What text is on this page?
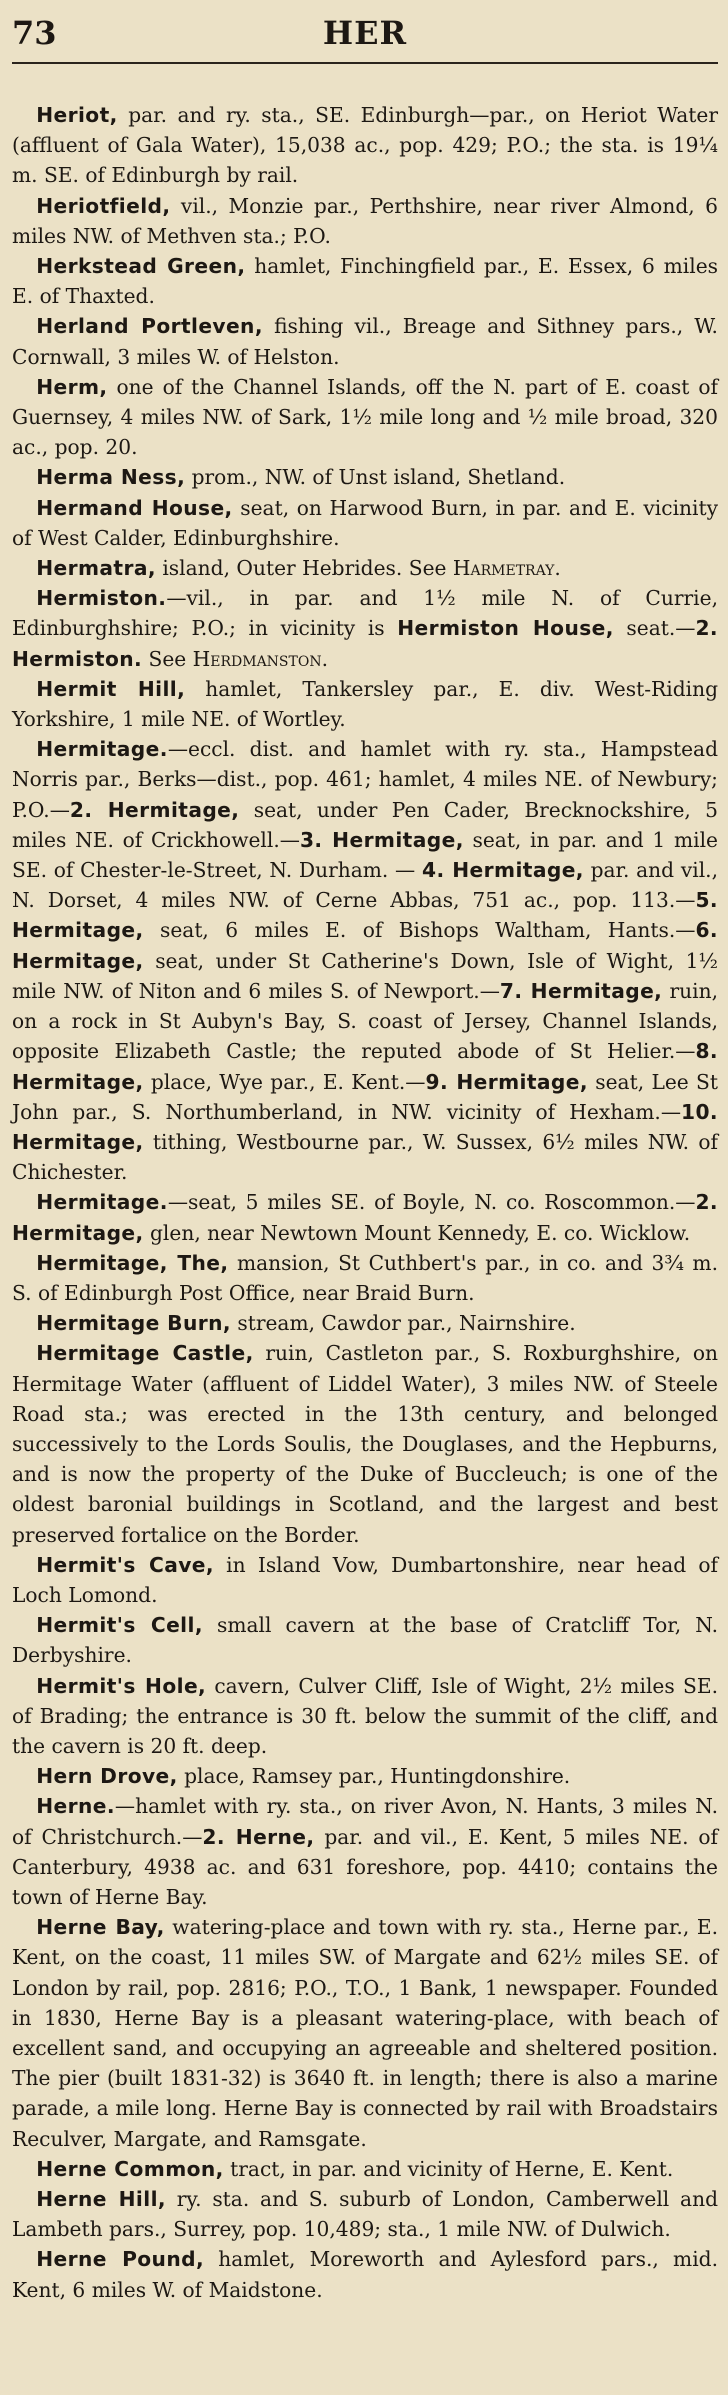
73	HER

Heriot, par. and ry. sta., SE. Edinburgh—par., on Heriot Water (affluent of Gala Water), 15,038 ac., pop. 429; P.O.; the sta. is 19¼ m. SE. of Edinburgh by rail.

Heriotfield, vil., Monzie par., Perthshire, near river Almond, 6 miles NW. of Methven sta.; P.O.

Herkstead Green, hamlet, Finchingfield par., E. Essex, 6 miles E. of Thaxted.

Herland Portleven, fishing vil., Breage and Sithney pars., W. Cornwall, 3 miles W. of Helston.

Herm, one of the Channel Islands, off the N. part of E. coast of Guernsey, 4 miles NW. of Sark, 1½ mile long and ½ mile broad, 320 ac., pop. 20.

Herma Ness, prom., NW. of Unst island, Shetland.

Hermand House, seat, on Harwood Burn, in par. and E. vicinity of West Calder, Edinburghshire.

Hermatra, island, Outer Hebrides. See Harmetray.

Hermiston.—vil., in par. and 1½ mile N. of Currie, Edinburghshire; P.O.; in vicinity is Hermiston House, seat.—2. Hermiston. See Herdmanston.

Hermit Hill, hamlet, Tankersley par., E. div. West-Riding Yorkshire, 1 mile NE. of Wortley.

Hermitage.—eccl. dist. and hamlet with ry. sta., Hampstead Norris par., Berks—dist., pop. 461; hamlet, 4 miles NE. of Newbury; P.O.—2. Hermitage, seat, under Pen Cader, Brecknockshire, 5 miles NE. of Crickhowell.—3. Hermitage, seat, in par. and 1 mile SE. of Chester-le-Street, N. Durham. — 4. Hermitage, par. and vil., N. Dorset, 4 miles NW. of Cerne Abbas, 751 ac., pop. 113.—5. Hermitage, seat, 6 miles E. of Bishops Waltham, Hants.—6. Hermitage, seat, under St Catherine's Down, Isle of Wight, 1½ mile NW. of Niton and 6 miles S. of Newport.—7. Hermitage, ruin, on a rock in St Aubyn's Bay, S. coast of Jersey, Channel Islands, opposite Elizabeth Castle; the reputed abode of St Helier.—8. Hermitage, place, Wye par., E. Kent.—9. Hermitage, seat, Lee St John par., S. Northumberland, in NW. vicinity of Hexham.—10. Hermitage, tithing, Westbourne par., W. Sussex, 6½ miles NW. of Chichester.

Hermitage.—seat, 5 miles SE. of Boyle, N. co. Roscommon.—2. Hermitage, glen, near Newtown Mount Kennedy, E. co. Wicklow.

Hermitage, The, mansion, St Cuthbert's par., in co. and 3¾ m. S. of Edinburgh Post Office, near Braid Burn.

Hermitage Burn, stream, Cawdor par., Nairnshire.

Hermitage Castle, ruin, Castleton par., S. Roxburghshire, on Hermitage Water (affluent of Liddel Water), 3 miles NW. of Steele Road sta.; was erected in the 13th century, and belonged successively to the Lords Soulis, the Douglases, and the Hepburns, and is now the property of the Duke of Buccleuch; is one of the oldest baronial buildings in Scotland, and the largest and best preserved fortalice on the Border.

Hermit's Cave, in Island Vow, Dumbartonshire, near head of Loch Lomond.

Hermit's Cell, small cavern at the base of Cratcliff Tor, N. Derbyshire.

Hermit's Hole, cavern, Culver Cliff, Isle of Wight, 2½ miles SE. of Brading; the entrance is 30 ft. below the summit of the cliff, and the cavern is 20 ft. deep.

Hern Drove, place, Ramsey par., Huntingdonshire.

Herne.—hamlet with ry. sta., on river Avon, N. Hants, 3 miles N. of Christchurch.—2. Herne, par. and vil., E. Kent, 5 miles NE. of Canterbury, 4938 ac. and 631 foreshore, pop. 4410; contains the town of Herne Bay.

Herne Bay, watering-place and town with ry. sta., Herne par., E. Kent, on the coast, 11 miles SW. of Margate and 62½ miles SE. of London by rail, pop. 2816; P.O., T.O., 1 Bank, 1 newspaper. Founded in 1830, Herne Bay is a pleasant watering-place, with beach of excellent sand, and occupying an agreeable and sheltered position. The pier (built 1831-32) is 3640 ft. in length; there is also a marine parade, a mile long. Herne Bay is connected by rail with Broadstairs Reculver, Margate, and Ramsgate.

Herne Common, tract, in par. and vicinity of Herne, E. Kent.

Herne Hill, ry. sta. and S. suburb of London, Camberwell and Lambeth pars., Surrey, pop. 10,489; sta., 1 mile NW. of Dulwich.

Herne Pound, hamlet, Moreworth and Aylesford pars., mid. Kent, 6 miles W. of Maidstone.
